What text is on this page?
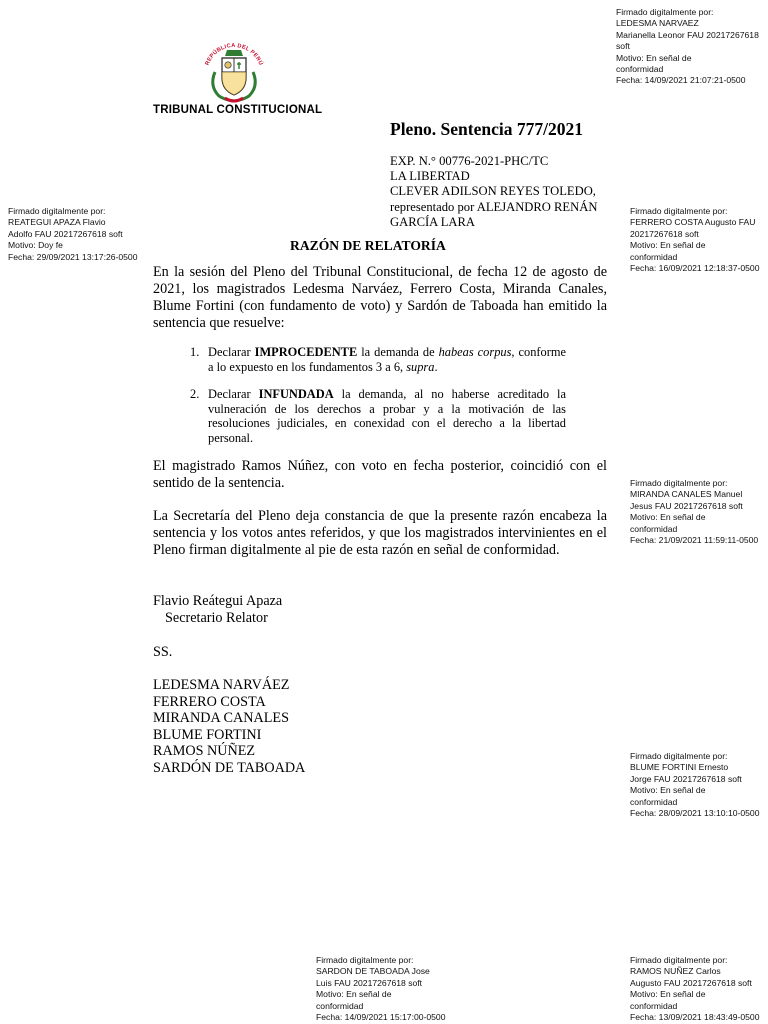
Firmado digitalmente por:
LEDESMA NARVAEZ
Marianella Leonor FAU 20217267618
soft
Motivo: En señal de
conformidad
Fecha: 14/09/2021 21:07:21-0500
Firmado digitalmente por:
REATEGUI APAZA Flavio
Adolfo FAU 20217267618 soft
Motivo: Doy fe
Fecha: 29/09/2021 13:17:26-0500
Firmado digitalmente por:
FERRERO COSTA Augusto FAU
20217267618 soft
Motivo: En señal de
conformidad
Fecha: 16/09/2021 12:18:37-0500
Firmado digitalmente por:
MIRANDA CANALES Manuel
Jesus FAU 20217267618 soft
Motivo: En señal de
conformidad
Fecha: 21/09/2021 11:59:11-0500
Firmado digitalmente por:
BLUME FORTINI Ernesto
Jorge FAU 20217267618 soft
Motivo: En señal de
conformidad
Fecha: 28/09/2021 13:10:10-0500
Firmado digitalmente por:
SARDON DE TABOADA Jose
Luis FAU 20217267618 soft
Motivo: En señal de
conformidad
Fecha: 14/09/2021 15:17:00-0500
Firmado digitalmente por:
RAMOS NUÑEZ Carlos
Augusto FAU 20217267618 soft
Motivo: En señal de
conformidad
Fecha: 13/09/2021 18:43:49-0500
REPÚBLICA DEL PERÚ
TRIBUNAL CONSTITUCIONAL
Pleno. Sentencia 777/2021
EXP. N.° 00776-2021-PHC/TC
LA LIBERTAD
CLEVER ADILSON REYES TOLEDO,
representado por ALEJANDRO RENÁN
GARCÍA LARA
RAZÓN DE RELATORÍA
En la sesión del Pleno del Tribunal Constitucional, de fecha 12 de agosto de 2021, los magistrados Ledesma Narváez, Ferrero Costa, Miranda Canales, Blume Fortini (con fundamento de voto) y Sardón de Taboada han emitido la sentencia que resuelve:
1. Declarar IMPROCEDENTE la demanda de habeas corpus, conforme a lo expuesto en los fundamentos 3 a 6, supra.
2. Declarar INFUNDADA la demanda, al no haberse acreditado la vulneración de los derechos a probar y a la motivación de las resoluciones judiciales, en conexidad con el derecho a la libertad personal.
El magistrado Ramos Núñez, con voto en fecha posterior, coincidió con el sentido de la sentencia.
La Secretaría del Pleno deja constancia de que la presente razón encabeza la sentencia y los votos antes referidos, y que los magistrados intervinientes en el Pleno firman digitalmente al pie de esta razón en señal de conformidad.
Flavio Reátegui Apaza
Secretario Relator
SS.
LEDESMA NARVÁEZ
FERRERO COSTA
MIRANDA CANALES
BLUME FORTINI
RAMOS NÚÑEZ
SARDÓN DE TABOADA
